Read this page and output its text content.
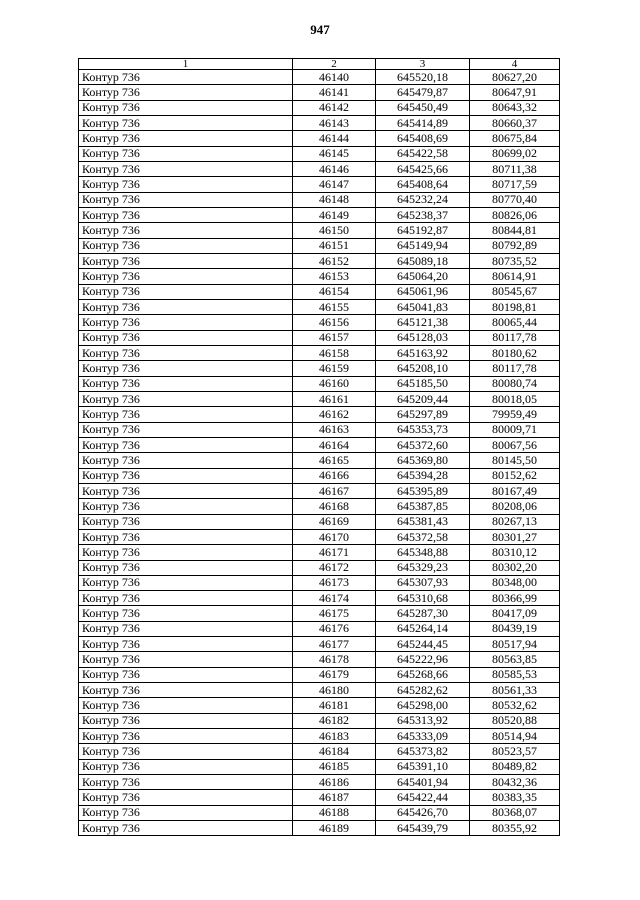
947
1	2	3	4
Контур 736	46140	645520,18	80627,20
Контур 736	46141	645479,87	80647,91
Контур 736	46142	645450,49	80643,32
Контур 736	46143	645414,89	80660,37
Контур 736	46144	645408,69	80675,84
Контур 736	46145	645422,58	80699,02
Контур 736	46146	645425,66	80711,38
Контур 736	46147	645408,64	80717,59
Контур 736	46148	645232,24	80770,40
Контур 736	46149	645238,37	80826,06
Контур 736	46150	645192,87	80844,81
Контур 736	46151	645149,94	80792,89
Контур 736	46152	645089,18	80735,52
Контур 736	46153	645064,20	80614,91
Контур 736	46154	645061,96	80545,67
Контур 736	46155	645041,83	80198,81
Контур 736	46156	645121,38	80065,44
Контур 736	46157	645128,03	80117,78
Контур 736	46158	645163,92	80180,62
Контур 736	46159	645208,10	80117,78
Контур 736	46160	645185,50	80080,74
Контур 736	46161	645209,44	80018,05
Контур 736	46162	645297,89	79959,49
Контур 736	46163	645353,73	80009,71
Контур 736	46164	645372,60	80067,56
Контур 736	46165	645369,80	80145,50
Контур 736	46166	645394,28	80152,62
Контур 736	46167	645395,89	80167,49
Контур 736	46168	645387,85	80208,06
Контур 736	46169	645381,43	80267,13
Контур 736	46170	645372,58	80301,27
Контур 736	46171	645348,88	80310,12
Контур 736	46172	645329,23	80302,20
Контур 736	46173	645307,93	80348,00
Контур 736	46174	645310,68	80366,99
Контур 736	46175	645287,30	80417,09
Контур 736	46176	645264,14	80439,19
Контур 736	46177	645244,45	80517,94
Контур 736	46178	645222,96	80563,85
Контур 736	46179	645268,66	80585,53
Контур 736	46180	645282,62	80561,33
Контур 736	46181	645298,00	80532,62
Контур 736	46182	645313,92	80520,88
Контур 736	46183	645333,09	80514,94
Контур 736	46184	645373,82	80523,57
Контур 736	46185	645391,10	80489,82
Контур 736	46186	645401,94	80432,36
Контур 736	46187	645422,44	80383,35
Контур 736	46188	645426,70	80368,07
Контур 736	46189	645439,79	80355,92
